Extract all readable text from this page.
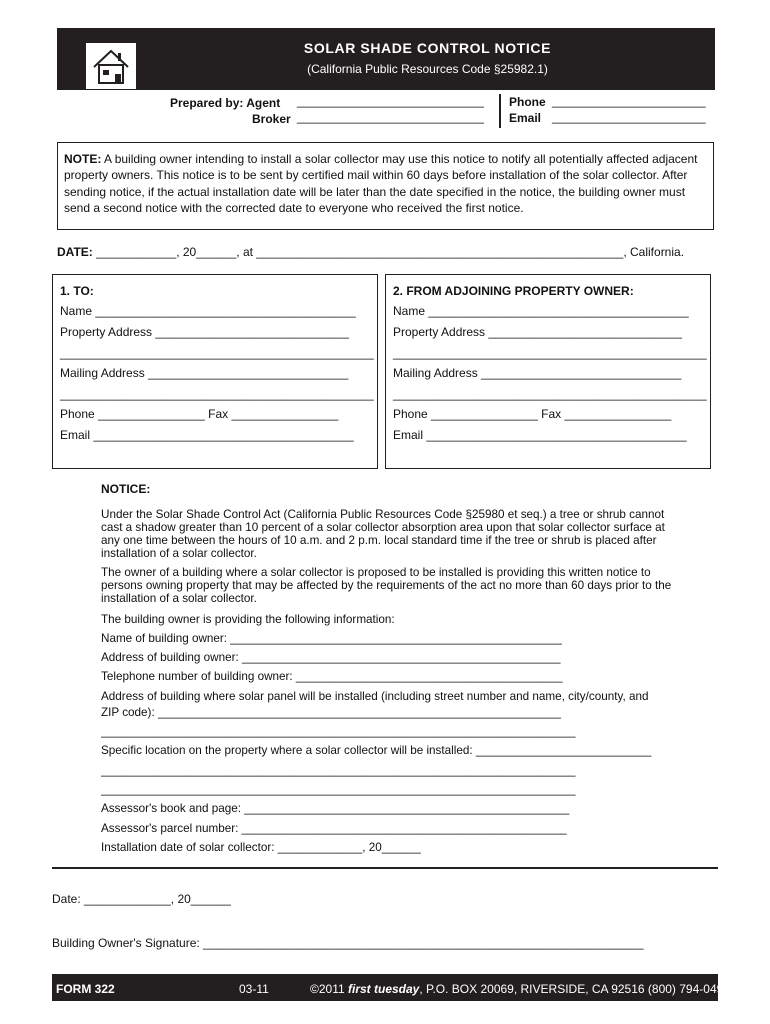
SOLAR SHADE CONTROL NOTICE
(California Public Resources Code §25982.1)
Prepared by: Agent ____________________________
Broker ____________________________
Phone _______________________
Email _______________________
NOTE: A building owner intending to install a solar collector may use this notice to notify all potentially affected adjacent property owners. This notice is to be sent by certified mail within 60 days before installation of the solar collector. After sending notice, if the actual installation date will be later than the date specified in the notice, the building owner must send a second notice with the corrected date to everyone who received the first notice.
DATE: ____________, 20______, at _______________________________________________________, California.
1. TO:
Name _______________________________________
Property Address _____________________________
_______________________________________________
Mailing Address ______________________________
_______________________________________________
Phone ________________ Fax ________________
Email _______________________________________
2. FROM ADJOINING PROPERTY OWNER:
Name _______________________________________
Property Address _____________________________
_______________________________________________
Mailing Address ______________________________
_______________________________________________
Phone ________________ Fax ________________
Email _______________________________________
NOTICE:
Under the Solar Shade Control Act (California Public Resources Code §25980 et seq.) a tree or shrub cannot cast a shadow greater than 10 percent of a solar collector absorption area upon that solar collector surface at any one time between the hours of 10 a.m. and 2 p.m. local standard time if the tree or shrub is placed after installation of a solar collector.
The owner of a building where a solar collector is proposed to be installed is providing this written notice to persons owning property that may be affected by the requirements of the act no more than 60 days prior to the installation of a solar collector.
The building owner is providing the following information:
Name of building owner: ___________________________________________________
Address of building owner: _________________________________________________
Telephone number of building owner: _________________________________________
Address of building where solar panel will be installed (including street number and name, city/county, and
ZIP code): ______________________________________________________________
_________________________________________________________________________
Specific location on the property where a solar collector will be installed: ___________________________
_________________________________________________________________________
_________________________________________________________________________
Assessor's book and page: __________________________________________________
Assessor's parcel number: __________________________________________________
Installation date of solar collector: _____________, 20______
Date: _____________, 20______
Building Owner's Signature: __________________________________________________________________
FORM 322	03-11	©2011 first tuesday, P.O. BOX 20069, RIVERSIDE, CA 92516 (800) 794-0494
